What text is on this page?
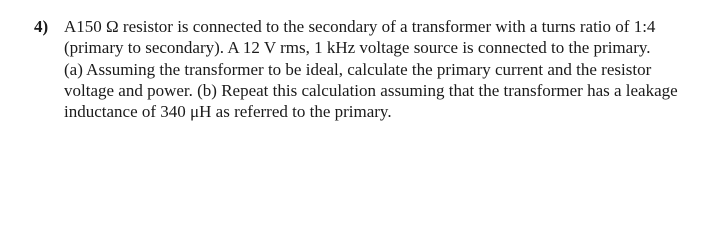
4) A150 Ω resistor is connected to the secondary of a transformer with a turns ratio of 1:4
(primary to secondary). A 12 V rms, 1 kHz voltage source is connected to the primary.
(a) Assuming the transformer to be ideal, calculate the primary current and the resistor
voltage and power. (b) Repeat this calculation assuming that the transformer has a leakage
inductance of 340 μH as referred to the primary.
